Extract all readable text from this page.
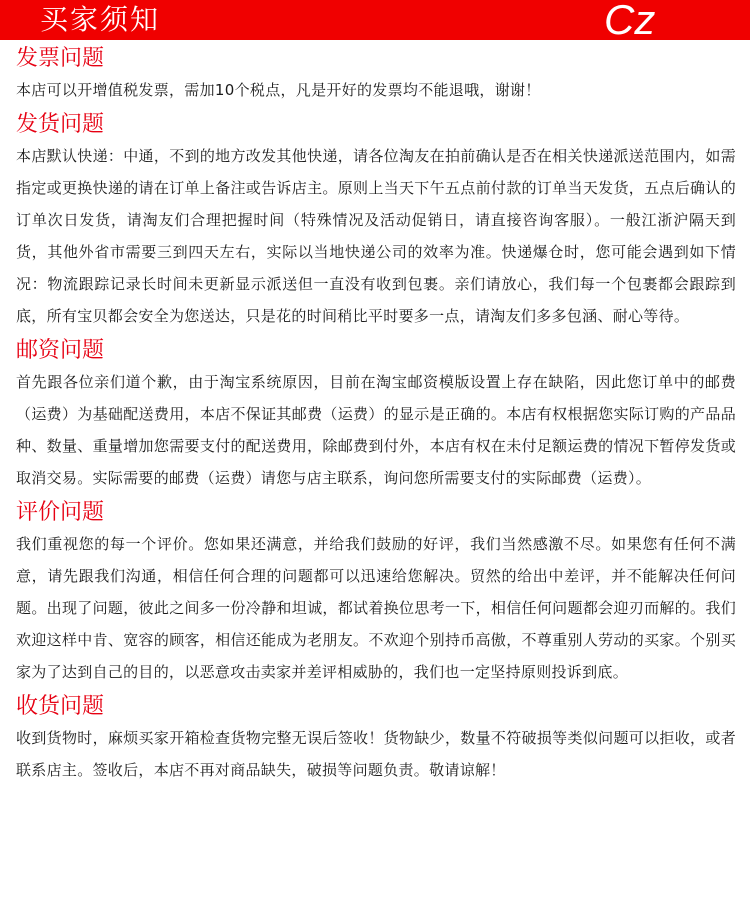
买家须知	Cz
发票问题

本店可以开增值税发票，需加10个税点，凡是开好的发票均不能退哦，谢谢！

发货问题

本店默认快递：中通，不到的地方改发其他快递，请各位淘友在拍前确认是否在相关快递派送范围内，如需指定或更换快递的请在订单上备注或告诉店主。原则上当天下午五点前付款的订单当天发货，五点后确认的订单次日发货，请淘友们合理把握时间（特殊情况及活动促销日，请直接咨询客服）。一般江浙沪隔天到货，其他外省市需要三到四天左右，实际以当地快递公司的效率为准。快递爆仓时，您可能会遇到如下情况：物流跟踪记录长时间未更新显示派送但一直没有收到包裹。亲们请放心，我们每一个包裹都会跟踪到底，所有宝贝都会安全为您送达，只是花的时间稍比平时要多一点，请淘友们多多包涵、耐心等待。

邮资问题

首先跟各位亲们道个歉，由于淘宝系统原因，目前在淘宝邮资模版设置上存在缺陷，因此您订单中的邮费（运费）为基础配送费用，本店不保证其邮费（运费）的显示是正确的。本店有权根据您实际订购的产品品种、数量、重量增加您需要支付的配送费用，除邮费到付外，本店有权在未付足额运费的情况下暂停发货或取消交易。实际需要的邮费（运费）请您与店主联系，询问您所需要支付的实际邮费（运费）。

评价问题

我们重视您的每一个评价。您如果还满意，并给我们鼓励的好评，我们当然感激不尽。如果您有任何不满意，请先跟我们沟通，相信任何合理的问题都可以迅速给您解决。贸然的给出中差评，并不能解决任何问题。出现了问题，彼此之间多一份冷静和坦诚，都试着换位思考一下，相信任何问题都会迎刃而解的。我们欢迎这样中肯、宽容的顾客，相信还能成为老朋友。不欢迎个别持币高傲，不尊重别人劳动的买家。个别买家为了达到自己的目的，以恶意攻击卖家并差评相威胁的，我们也一定坚持原则投诉到底。

收货问题

收到货物时，麻烦买家开箱检查货物完整无误后签收！货物缺少，数量不符破损等类似问题可以拒收，或者联系店主。签收后，本店不再对商品缺失，破损等问题负责。敬请谅解！
